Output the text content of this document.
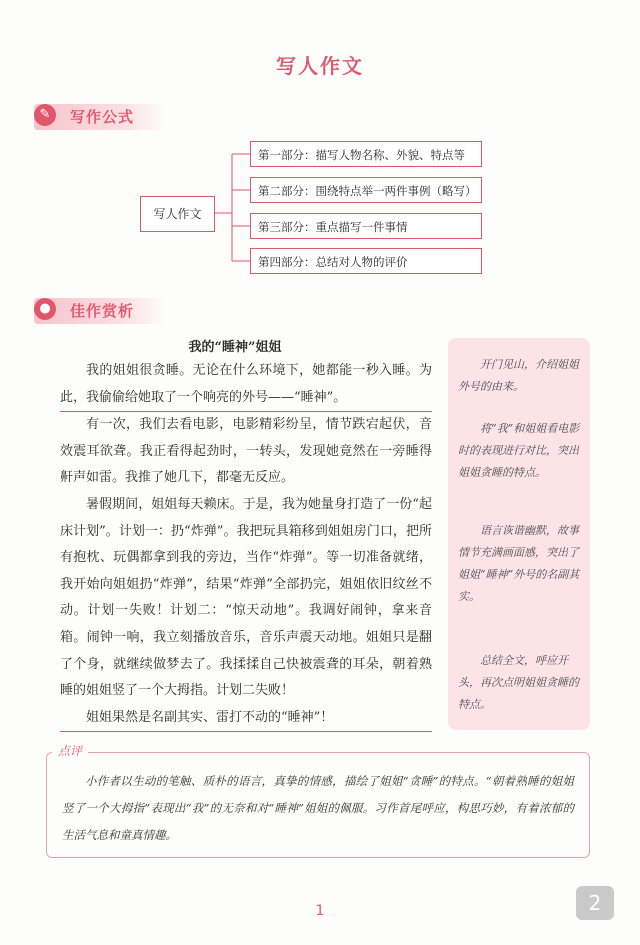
写人作文
✎	写作公式
写人作文
第一部分：描写人物名称、外貌、特点等
第二部分：围绕特点举一两件事例（略写）
第三部分：重点描写一件事情
第四部分：总结对人物的评价
●	佳作赏析
我的“睡神”姐姐

我的姐姐很贪睡。无论在什么环境下，她都能一秒入睡。为此，我偷偷给她取了一个响亮的外号——“睡神”。

有一次，我们去看电影，电影精彩纷呈，情节跌宕起伏，音效震耳欲聋。我正看得起劲时，一转头，发现她竟然在一旁睡得鼾声如雷。我推了她几下，都毫无反应。

暑假期间，姐姐每天赖床。于是，我为她量身打造了一份“起床计划”。计划一：扔“炸弹”。我把玩具箱移到姐姐房门口，把所有抱枕、玩偶都拿到我的旁边，当作“炸弹”。等一切准备就绪，我开始向姐姐扔“炸弹”，结果“炸弹”全部扔完，姐姐依旧纹丝不动。计划一失败！计划二：“惊天动地”。我调好闹钟，拿来音箱。闹钟一响，我立刻播放音乐，音乐声震天动地。姐姐只是翻了个身，就继续做梦去了。我揉揉自己快被震聋的耳朵，朝着熟睡的姐姐竖了一个大拇指。计划二失败！

姐姐果然是名副其实、雷打不动的“睡神”！

开门见山，介绍姐姐外号的由来。
将“我”和姐姐看电影时的表现进行对比，突出姐姐贪睡的特点。
语言诙谐幽默，故事情节充满画面感，突出了姐姐“睡神”外号的名副其实。
总结全文，呼应开头，再次点明姐姐贪睡的特点。
点评
小作者以生动的笔触、质朴的语言，真挚的情感，描绘了姐姐“贪睡”的特点。“朝着熟睡的姐姐竖了一个大拇指”表现出“我”的无奈和对“睡神”姐姐的佩服。习作首尾呼应，构思巧妙，有着浓郁的生活气息和童真情趣。
1	2
